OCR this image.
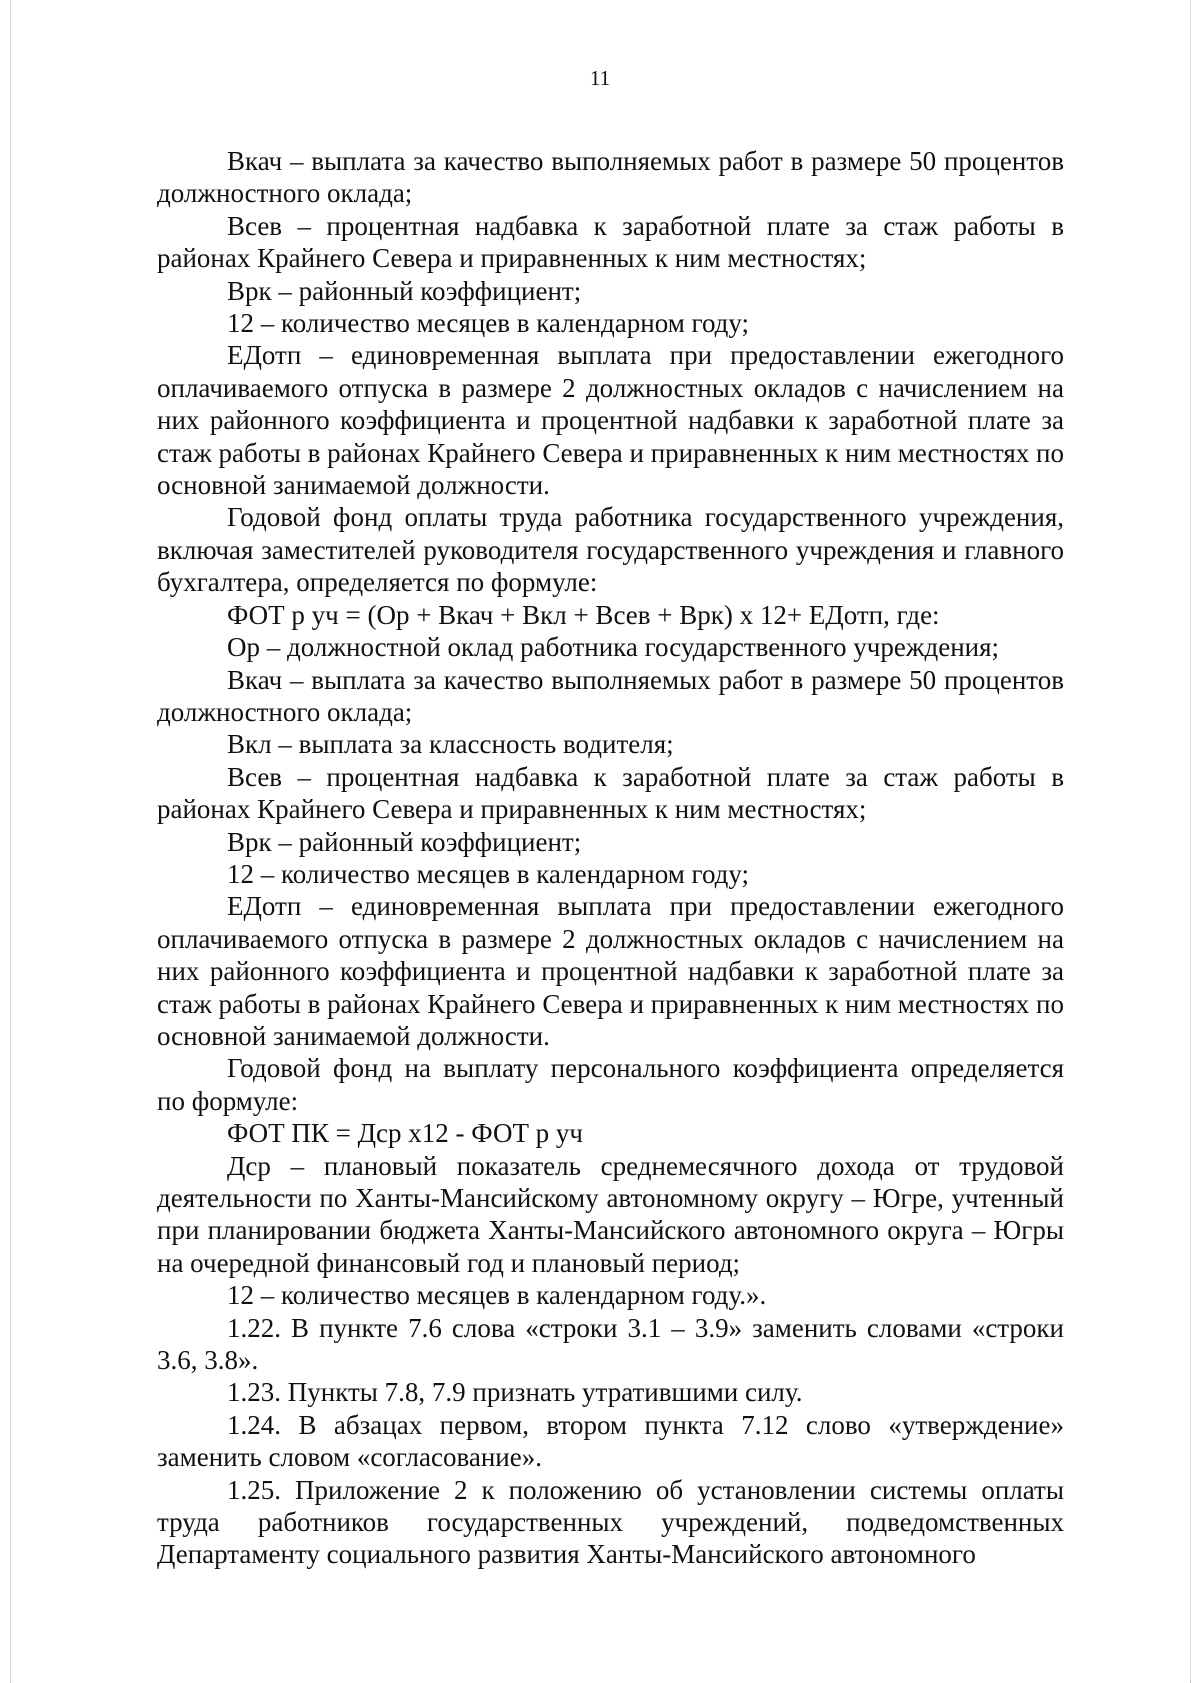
11

Вкач – выплата за качество выполняемых работ в размере 50 процентов должностного оклада;

Всев – процентная надбавка к заработной плате за стаж работы в районах Крайнего Севера и приравненных к ним местностях;

Врк – районный коэффициент;

12 – количество месяцев в календарном году;

ЕДотп – единовременная выплата при предоставлении ежегодного оплачиваемого отпуска в размере 2 должностных окладов с начислением на них районного коэффициента и процентной надбавки к заработной плате за стаж работы в районах Крайнего Севера и приравненных к ним местностях по основной занимаемой должности.

Годовой фонд оплаты труда работника государственного учреждения, включая заместителей руководителя государственного учреждения и главного бухгалтера, определяется по формуле:

ФОТ р уч = (Ор + Вкач + Вкл + Всев + Врк) х 12+ ЕДотп, где:

Ор – должностной оклад работника государственного учреждения;

Вкач – выплата за качество выполняемых работ в размере 50 процентов должностного оклада;

Вкл – выплата за классность водителя;

Всев – процентная надбавка к заработной плате за стаж работы в районах Крайнего Севера и приравненных к ним местностях;

Врк – районный коэффициент;

12 – количество месяцев в календарном году;

ЕДотп – единовременная выплата при предоставлении ежегодного оплачиваемого отпуска в размере 2 должностных окладов с начислением на них районного коэффициента и процентной надбавки к заработной плате за стаж работы в районах Крайнего Севера и приравненных к ним местностях по основной занимаемой должности.

Годовой фонд на выплату персонального коэффициента определяется по формуле:

ФОТ ПК = Дср х12 - ФОТ р уч

Дср – плановый показатель среднемесячного дохода от трудовой деятельности по Ханты-Мансийскому автономному округу – Югре, учтенный при планировании бюджета Ханты-Мансийского автономного округа – Югры на очередной финансовый год и плановый период;

12 – количество месяцев в календарном году.».

1.22. В пункте 7.6 слова «строки 3.1 – 3.9» заменить словами «строки 3.6, 3.8».

1.23. Пункты 7.8, 7.9 признать утратившими силу.

1.24. В абзацах первом, втором пункта 7.12 слово «утверждение» заменить словом «согласование».

1.25. Приложение 2 к положению об установлении системы оплаты труда работников государственных учреждений, подведомственных Департаменту социального развития Ханты-Мансийского автономного
